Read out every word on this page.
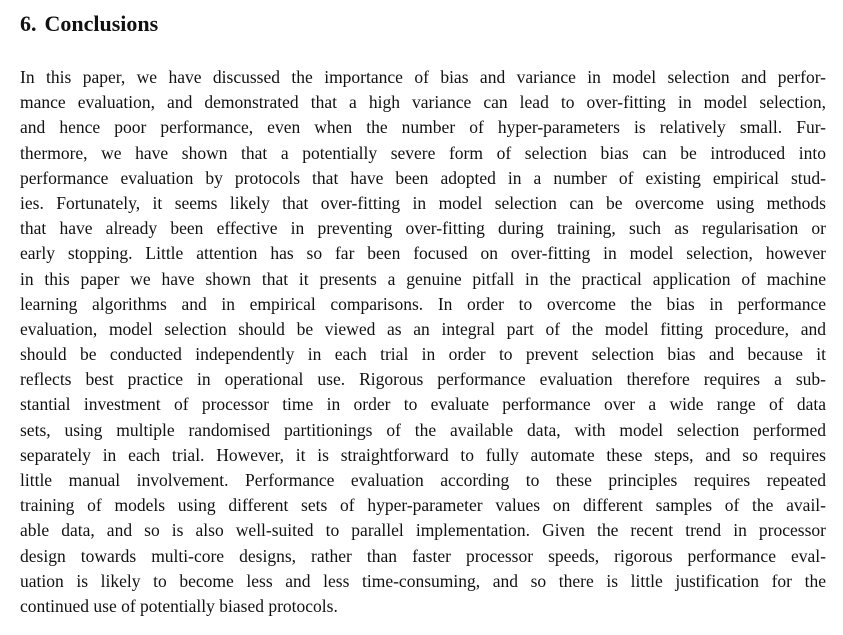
6. Conclusions
In this paper, we have discussed the importance of bias and variance in model selection and perfor-
mance evaluation, and demonstrated that a high variance can lead to over-fitting in model selection,
and hence poor performance, even when the number of hyper-parameters is relatively small. Fur-
thermore, we have shown that a potentially severe form of selection bias can be introduced into
performance evaluation by protocols that have been adopted in a number of existing empirical stud-
ies. Fortunately, it seems likely that over-fitting in model selection can be overcome using methods
that have already been effective in preventing over-fitting during training, such as regularisation or
early stopping. Little attention has so far been focused on over-fitting in model selection, however
in this paper we have shown that it presents a genuine pitfall in the practical application of machine
learning algorithms and in empirical comparisons. In order to overcome the bias in performance
evaluation, model selection should be viewed as an integral part of the model fitting procedure, and
should be conducted independently in each trial in order to prevent selection bias and because it
reflects best practice in operational use. Rigorous performance evaluation therefore requires a sub-
stantial investment of processor time in order to evaluate performance over a wide range of data
sets, using multiple randomised partitionings of the available data, with model selection performed
separately in each trial. However, it is straightforward to fully automate these steps, and so requires
little manual involvement. Performance evaluation according to these principles requires repeated
training of models using different sets of hyper-parameter values on different samples of the avail-
able data, and so is also well-suited to parallel implementation. Given the recent trend in processor
design towards multi-core designs, rather than faster processor speeds, rigorous performance eval-
uation is likely to become less and less time-consuming, and so there is little justification for the
continued use of potentially biased protocols.
